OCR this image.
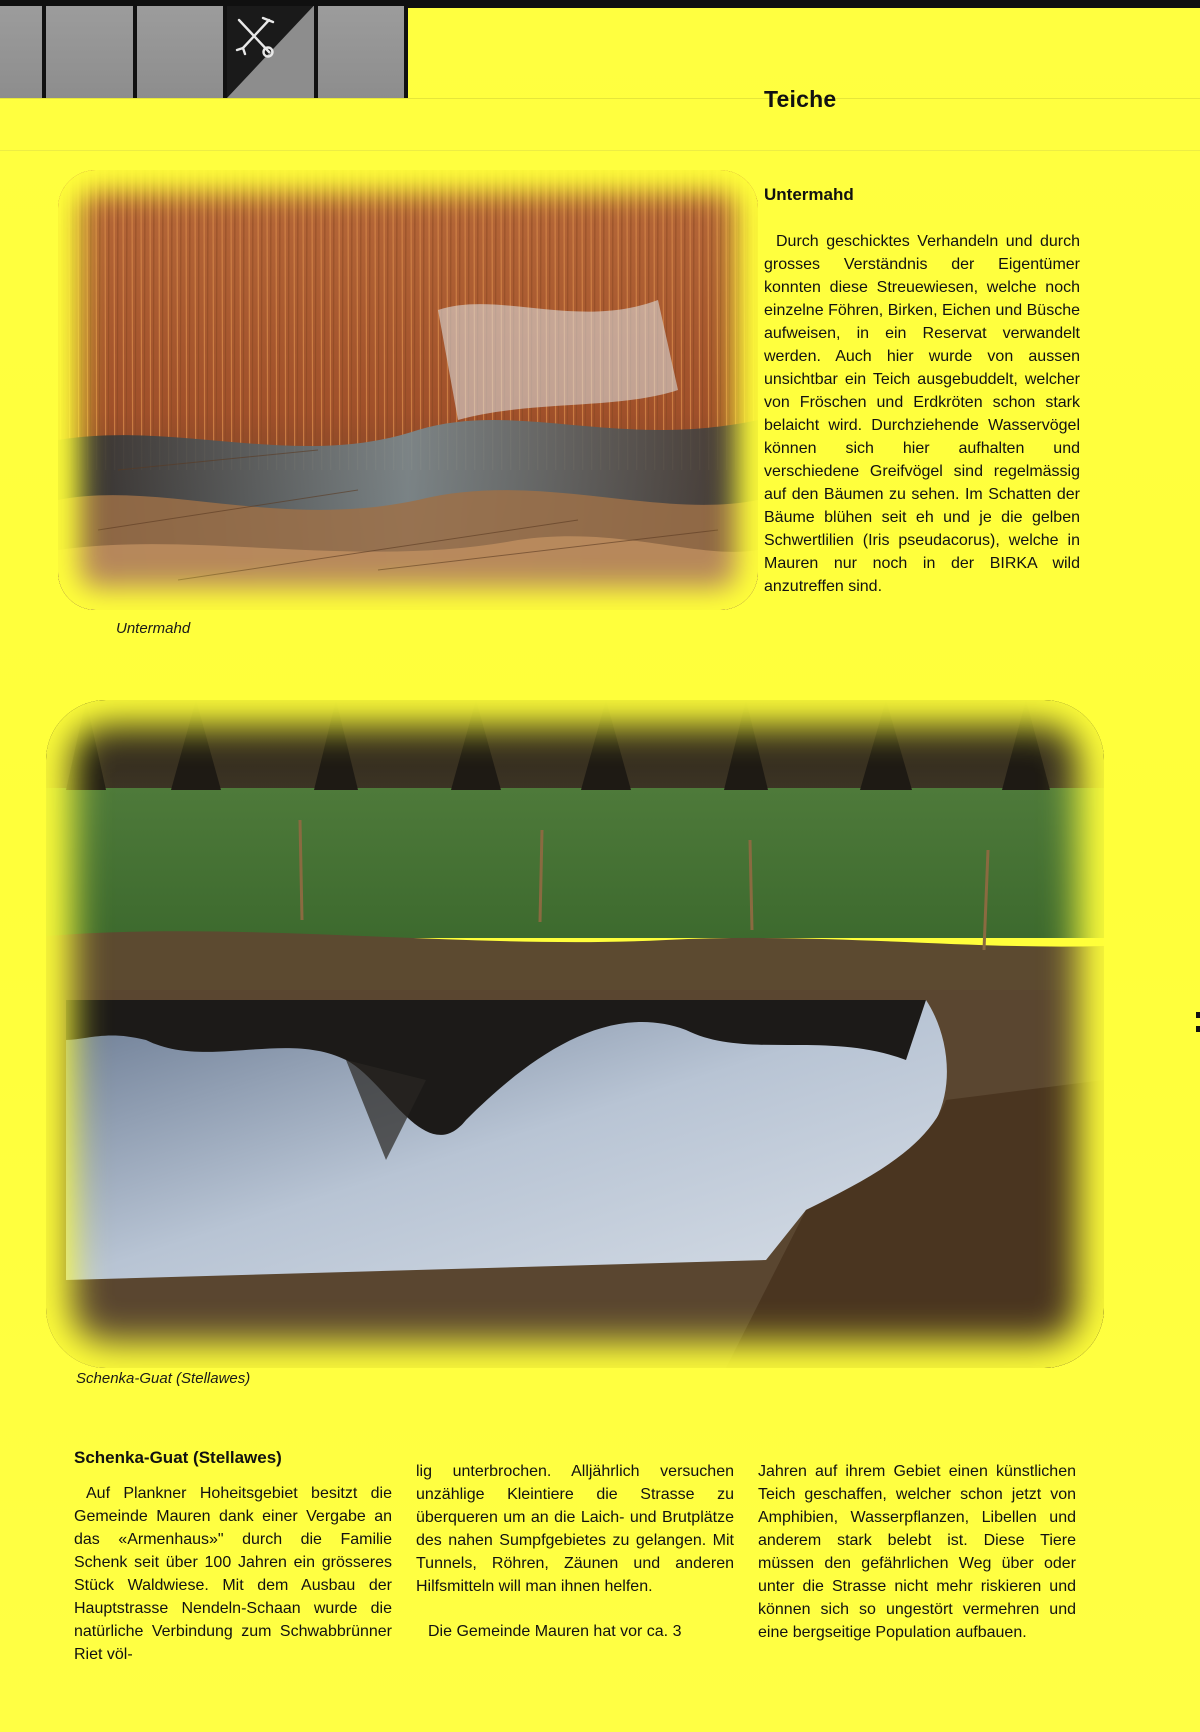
Teiche
Untermahd
Untermahd

Durch geschicktes Verhandeln und durch grosses Verständnis der Eigentümer konnten diese Streuewiesen, welche noch einzelne Föhren, Birken, Eichen und Büsche aufweisen, in ein Reservat verwandelt werden. Auch hier wurde von aussen unsichtbar ein Teich ausgebuddelt, welcher von Fröschen und Erdkröten schon stark belaicht wird. Durchziehende Wasservögel können sich hier aufhalten und verschiedene Greifvögel sind regelmässig auf den Bäumen zu sehen. Im Schatten der Bäume blühen seit eh und je die gelben Schwertlilien (Iris pseudacorus), welche in Mauren nur noch in der BIRKA wild anzutreffen sind.

Schenka-Guat (Stellawes)
Schenka-Guat (Stellawes)

Auf Plankner Hoheitsgebiet besitzt die Gemeinde Mauren dank einer Vergabe an das «Armenhaus»" durch die Familie Schenk seit über 100 Jahren ein grösseres Stück Waldwiese. Mit dem Ausbau der Hauptstrasse Nendeln-Schaan wurde die natürliche Verbindung zum Schwabbrünner Riet völ-

lig unterbrochen. Alljährlich versuchen unzählige Kleintiere die Strasse zu überqueren um an die Laich- und Brutplätze des nahen Sumpfgebietes zu gelangen. Mit Tunnels, Röhren, Zäunen und anderen Hilfsmitteln will man ihnen helfen.

Die Gemeinde Mauren hat vor ca. 3

Jahren auf ihrem Gebiet einen künstlichen Teich geschaffen, welcher schon jetzt von Amphibien, Wasserpflanzen, Libellen und anderem stark belebt ist. Diese Tiere müssen den gefährlichen Weg über oder unter die Strasse nicht mehr riskieren und können sich so ungestört vermehren und eine bergseitige Population aufbauen.
